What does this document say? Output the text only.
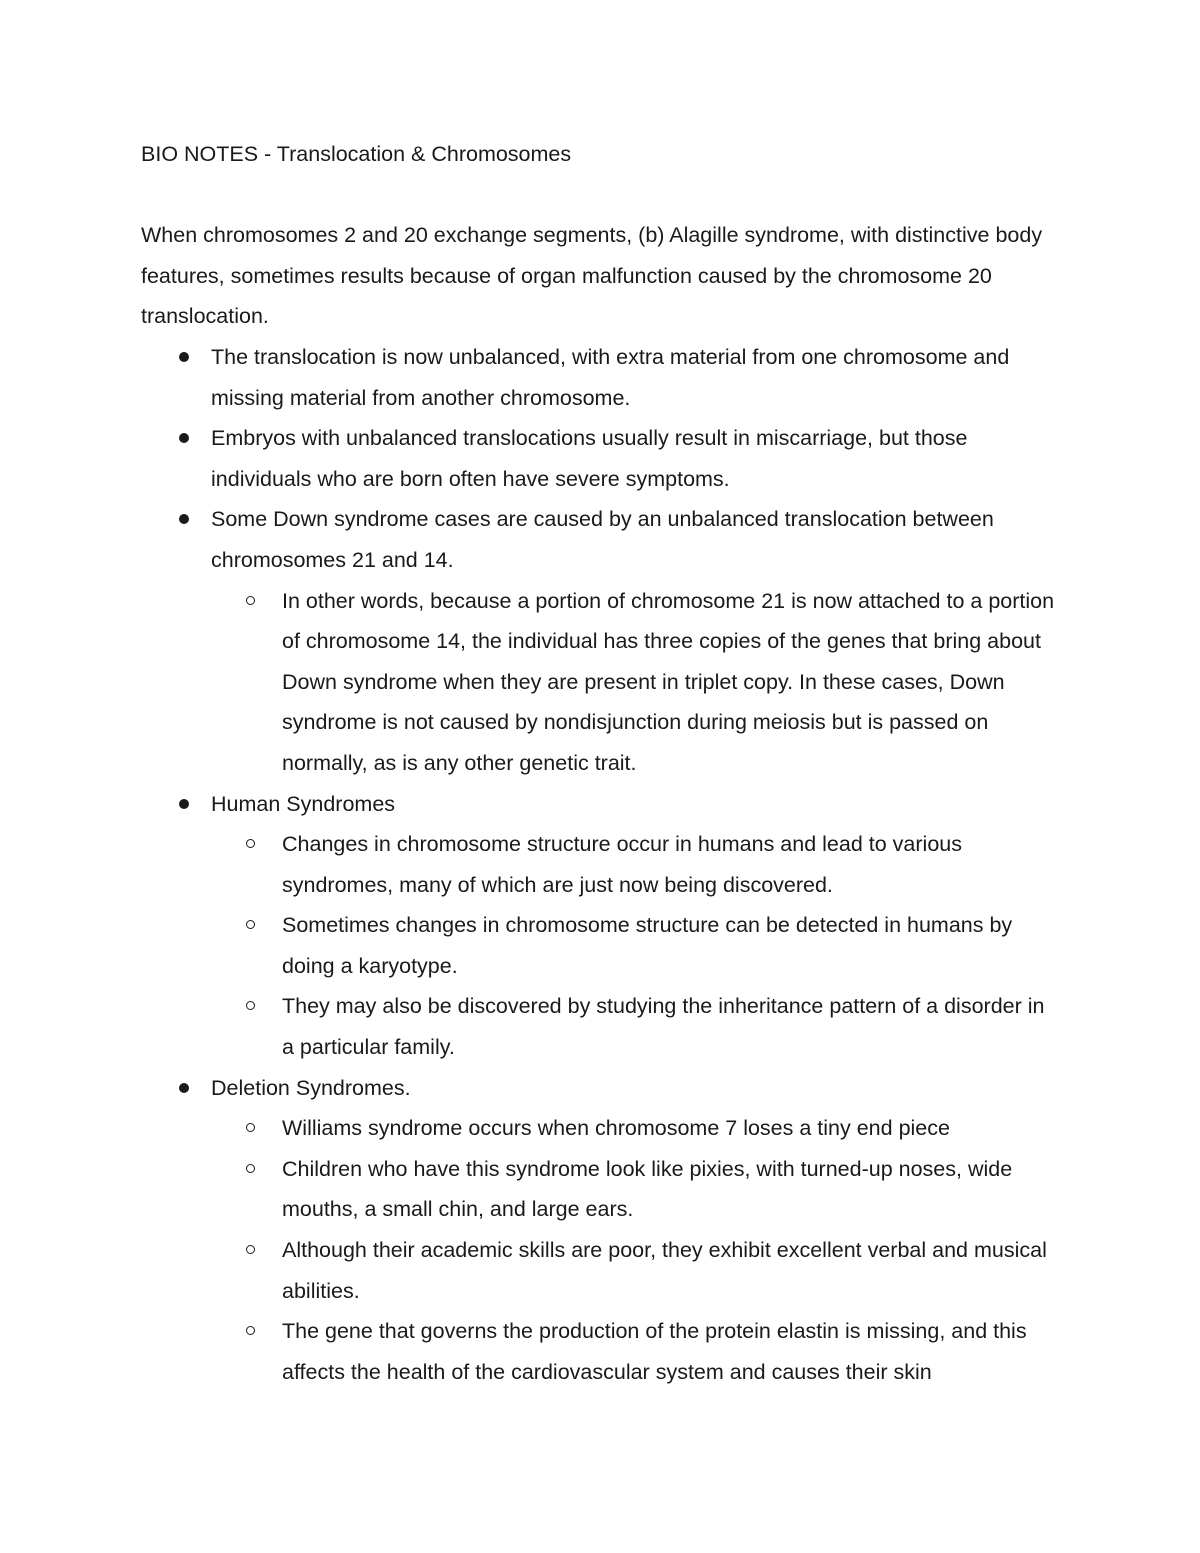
BIO NOTES - Translocation & Chromosomes

When chromosomes 2 and 20 exchange segments, (b) Alagille syndrome, with distinctive body features, sometimes results because of organ malfunction caused by the chromosome 20 translocation.

The translocation is now unbalanced, with extra material from one chromosome and missing material from another chromosome.
Embryos with unbalanced translocations usually result in miscarriage, but those individuals who are born often have severe symptoms.
Some Down syndrome cases are caused by an unbalanced translocation between chromosomes 21 and 14.
In other words, because a portion of chromosome 21 is now attached to a portion of chromosome 14, the individual has three copies of the genes that bring about Down syndrome when they are present in triplet copy. In these cases, Down syndrome is not caused by nondisjunction during meiosis but is passed on normally, as is any other genetic trait.
Human Syndromes
Changes in chromosome structure occur in humans and lead to various syndromes, many of which are just now being discovered.
Sometimes changes in chromosome structure can be detected in humans by doing a karyotype.
They may also be discovered by studying the inheritance pattern of a disorder in a particular family.
Deletion Syndromes.
Williams syndrome occurs when chromosome 7 loses a tiny end piece
Children who have this syndrome look like pixies, with turned-up noses, wide mouths, a small chin, and large ears.
Although their academic skills are poor, they exhibit excellent verbal and musical abilities.
The gene that governs the production of the protein elastin is missing, and this affects the health of the cardiovascular system and causes their skin
